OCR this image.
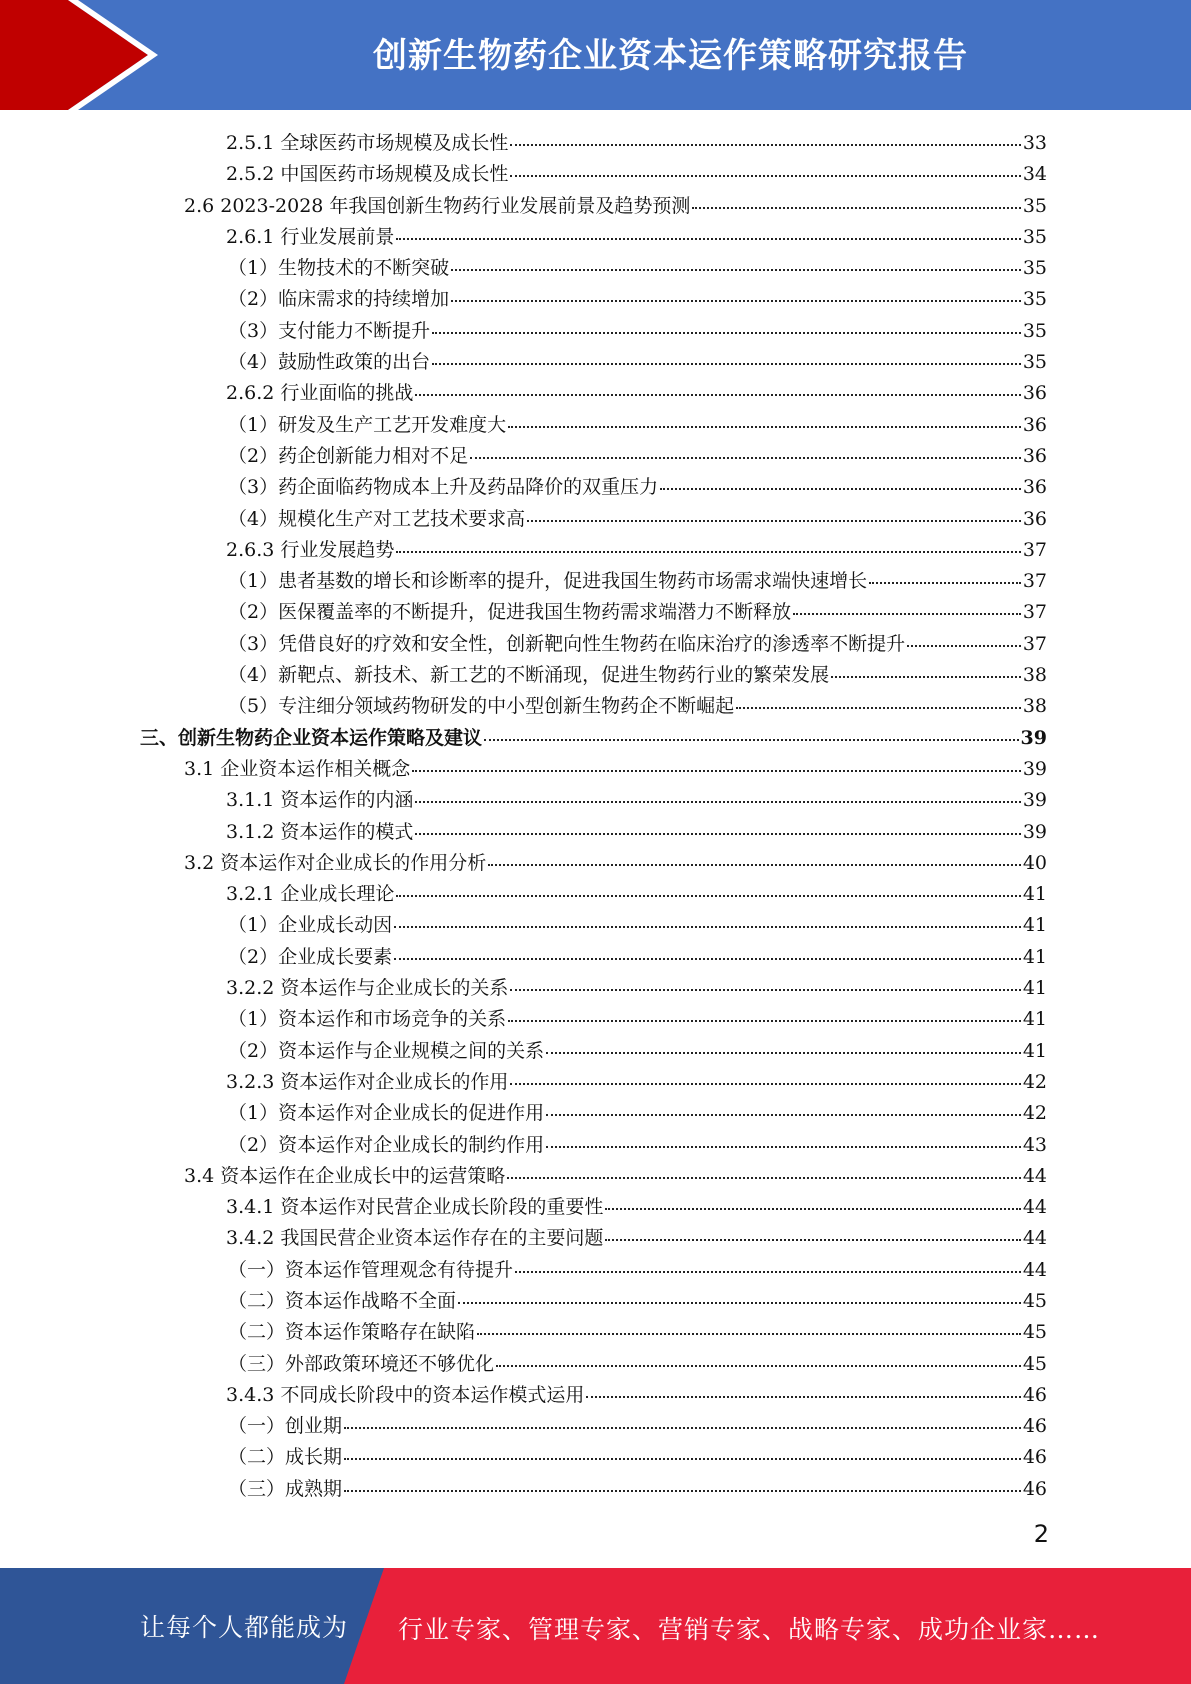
创新生物药企业资本运作策略研究报告
2.5.1 全球医药市场规模及成长性	33
2.5.2 中国医药市场规模及成长性	34
2.6 2023-2028 年我国创新生物药行业发展前景及趋势预测	35
2.6.1 行业发展前景	35
（1）生物技术的不断突破	35
（2）临床需求的持续增加	35
（3）支付能力不断提升	35
（4）鼓励性政策的出台	35
2.6.2 行业面临的挑战	36
（1）研发及生产工艺开发难度大	36
（2）药企创新能力相对不足	36
（3）药企面临药物成本上升及药品降价的双重压力	36
（4）规模化生产对工艺技术要求高	36
2.6.3 行业发展趋势	37
（1）患者基数的增长和诊断率的提升，促进我国生物药市场需求端快速增长	37
（2）医保覆盖率的不断提升，促进我国生物药需求端潜力不断释放	37
（3）凭借良好的疗效和安全性，创新靶向性生物药在临床治疗的渗透率不断提升	37
（4）新靶点、新技术、新工艺的不断涌现，促进生物药行业的繁荣发展	38
（5）专注细分领域药物研发的中小型创新生物药企不断崛起	38
三、创新生物药企业资本运作策略及建议	39
3.1 企业资本运作相关概念	39
3.1.1 资本运作的内涵	39
3.1.2 资本运作的模式	39
3.2 资本运作对企业成长的作用分析	40
3.2.1 企业成长理论	41
（1）企业成长动因	41
（2）企业成长要素	41
3.2.2 资本运作与企业成长的关系	41
（1）资本运作和市场竞争的关系	41
（2）资本运作与企业规模之间的关系	41
3.2.3 资本运作对企业成长的作用	42
（1）资本运作对企业成长的促进作用	42
（2）资本运作对企业成长的制约作用	43
3.4 资本运作在企业成长中的运营策略	44
3.4.1 资本运作对民营企业成长阶段的重要性	44
3.4.2 我国民营企业资本运作存在的主要问题	44
（一）资本运作管理观念有待提升	44
（二）资本运作战略不全面	45
（二）资本运作策略存在缺陷	45
（三）外部政策环境还不够优化	45
3.4.3 不同成长阶段中的资本运作模式运用	46
（一）创业期	46
（二）成长期	46
（三）成熟期	46
2
让每个人都能成为 行业专家、管理专家、营销专家、战略专家、成功企业家……
